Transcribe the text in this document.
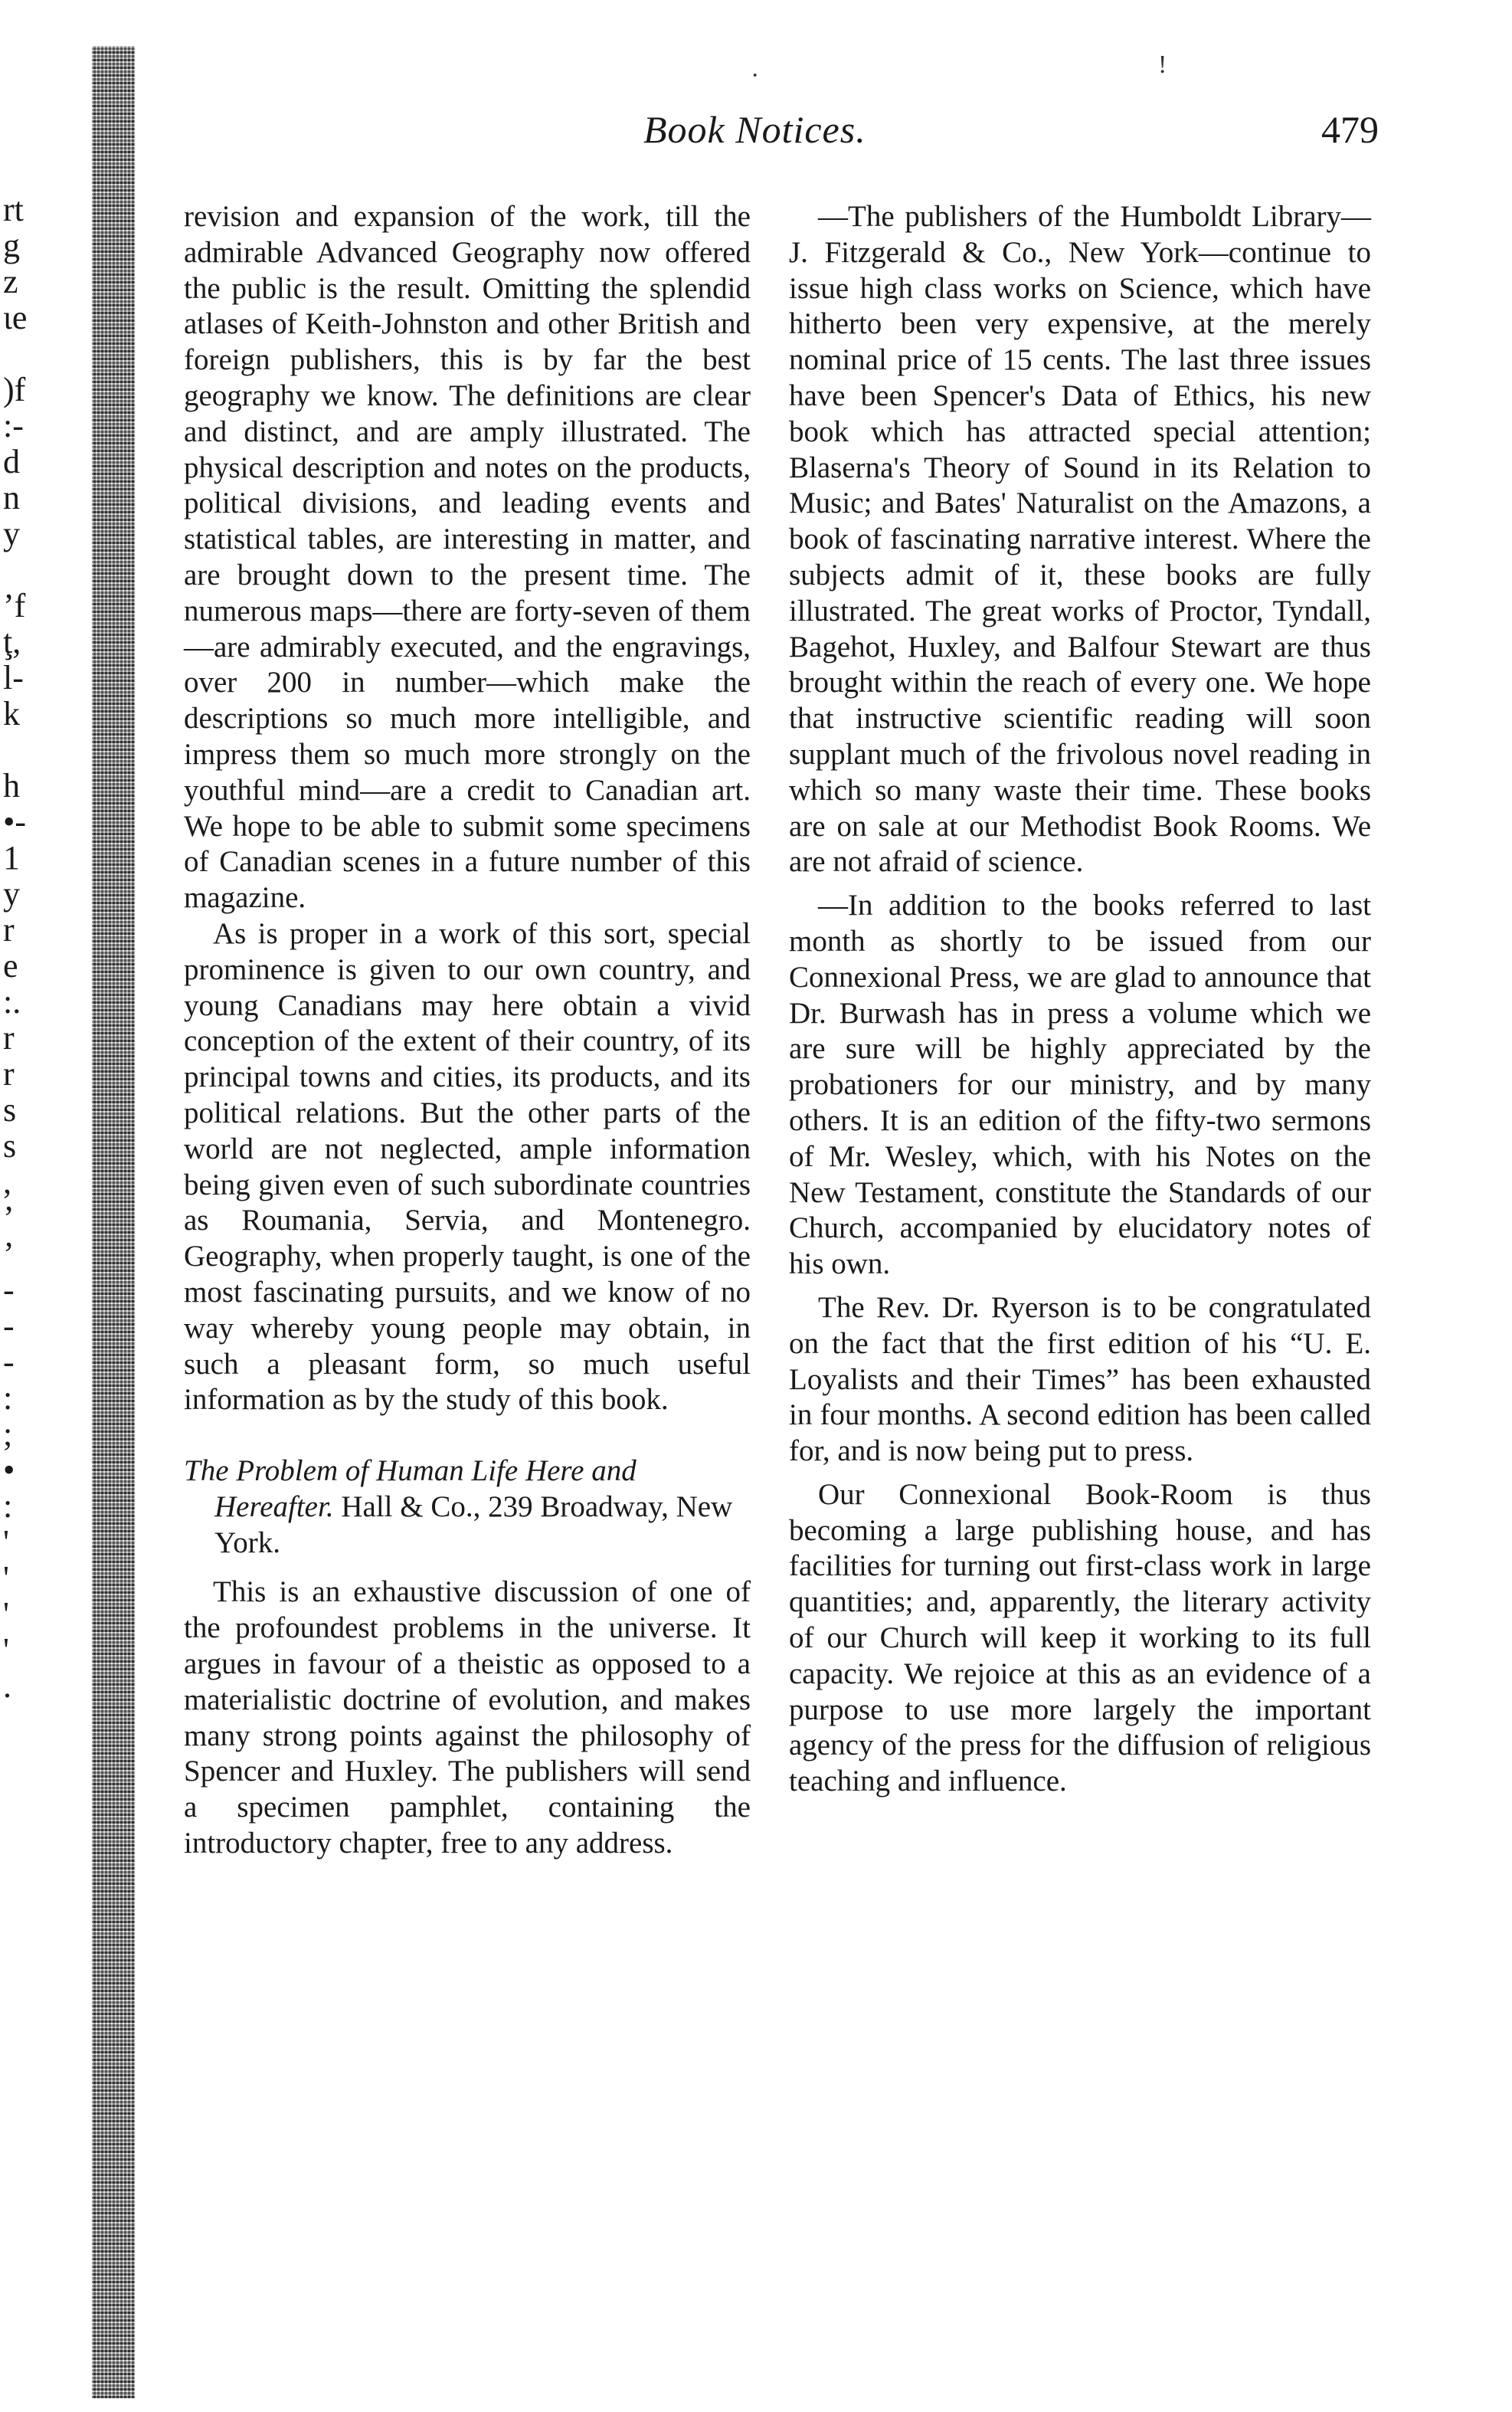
rt
g
z
ιe
)f
:-
d
n
y
’f
ţ,
l-
k
h
•-
1
y
r
e
:.
r
r
s
s
,
’
’
-
-
-
:
;
•
:
'
'
'
'
.
·	!
Book Notices.	479

revision and expansion of the work, till the admirable Advanced Geography now offered the public is the result. Omitting the splendid atlases of Keith-Johnston and other British and foreign publishers, this is by far the best geography we know. The definitions are clear and distinct, and are amply illustrated. The physical description and notes on the products, political divisions, and leading events and statistical tables, are interesting in matter, and are brought down to the present time. The numerous maps—there are forty-seven of them—are admirably executed, and the engravings, over 200 in number—which make the descriptions so much more intelligible, and impress them so much more strongly on the youthful mind—are a credit to Canadian art. We hope to be able to submit some specimens of Canadian scenes in a future number of this magazine.

As is proper in a work of this sort, special prominence is given to our own country, and young Canadians may here obtain a vivid conception of the extent of their country, of its principal towns and cities, its products, and its political relations. But the other parts of the world are not neglected, ample information being given even of such subordinate countries as Roumania, Servia, and Montenegro. Geography, when properly taught, is one of the most fascinating pursuits, and we know of no way whereby young people may obtain, in such a pleasant form, so much useful information as by the study of this book.

The Problem of Human Life Here and Hereafter. Hall & Co., 239 Broadway, New York.

This is an exhaustive discussion of one of the profoundest problems in the universe. It argues in favour of a theistic as opposed to a materialistic doctrine of evolution, and makes many strong points against the philosophy of Spencer and Huxley. The publishers will send a specimen pamphlet, containing the introductory chapter, free to any address.

—The publishers of the Humboldt Library—J. Fitzgerald & Co., New York—continue to issue high class works on Science, which have hitherto been very expensive, at the merely nominal price of 15 cents. The last three issues have been Spencer's Data of Ethics, his new book which has attracted special attention; Blaserna's Theory of Sound in its Relation to Music; and Bates' Naturalist on the Amazons, a book of fascinating narrative interest. Where the subjects admit of it, these books are fully illustrated. The great works of Proctor, Tyndall, Bagehot, Huxley, and Balfour Stewart are thus brought within the reach of every one. We hope that instructive scientific reading will soon supplant much of the frivolous novel reading in which so many waste their time. These books are on sale at our Methodist Book Rooms. We are not afraid of science.

—In addition to the books referred to last month as shortly to be issued from our Connexional Press, we are glad to announce that Dr. Burwash has in press a volume which we are sure will be highly appreciated by the probationers for our ministry, and by many others. It is an edition of the fifty-two sermons of Mr. Wesley, which, with his Notes on the New Testament, constitute the Standards of our Church, accompanied by elucidatory notes of his own.

The Rev. Dr. Ryerson is to be congratulated on the fact that the first edition of his “U. E. Loyalists and their Times” has been exhausted in four months. A second edition has been called for, and is now being put to press.

Our Connexional Book-Room is thus becoming a large publishing house, and has facilities for turning out first-class work in large quantities; and, apparently, the literary activity of our Church will keep it working to its full capacity. We rejoice at this as an evidence of a purpose to use more largely the important agency of the press for the diffusion of religious teaching and influence.
